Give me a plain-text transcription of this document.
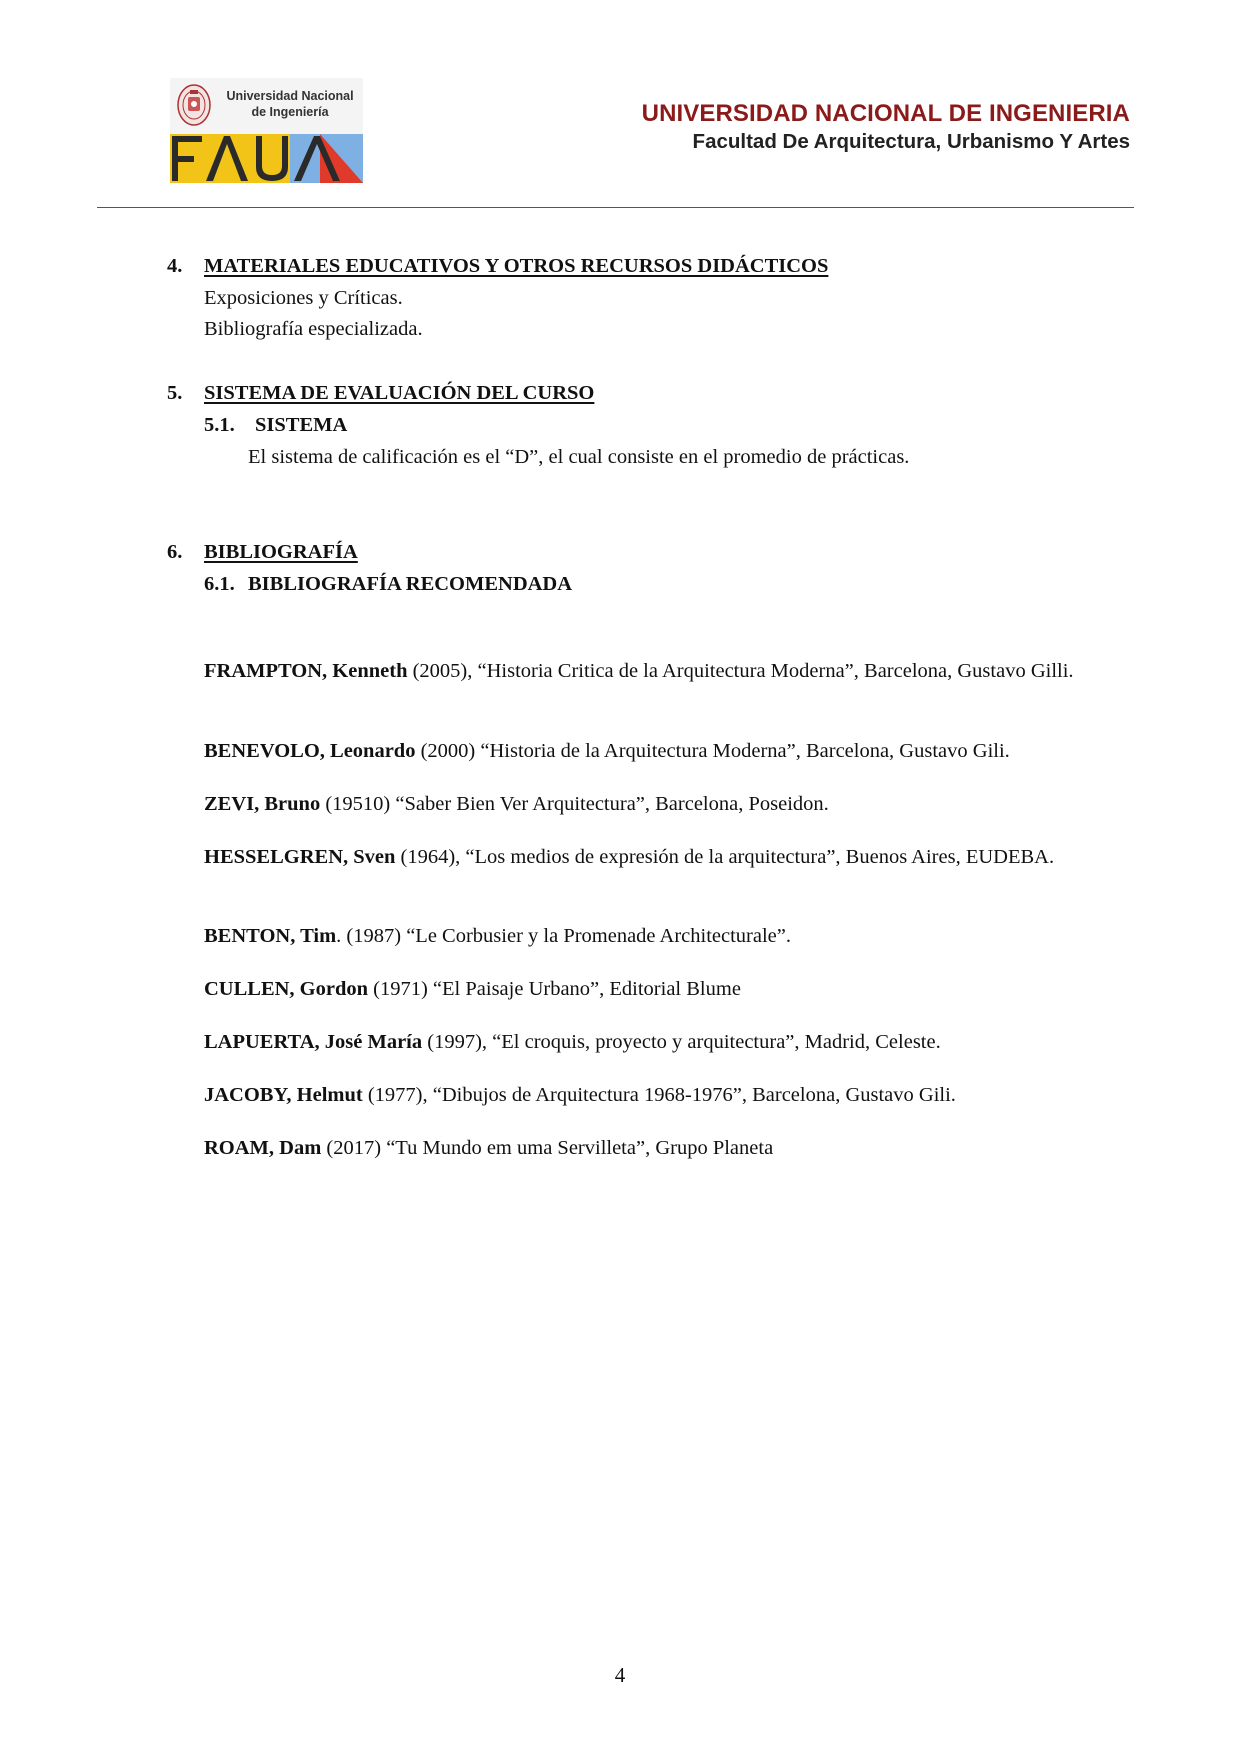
Universidad Nacional de Ingeniería	UNIVERSIDAD NACIONAL DE INGENIERIA
Facultad De Arquitectura, Urbanismo Y Artes
4. MATERIALES EDUCATIVOS Y OTROS RECURSOS DIDÁCTICOS
Exposiciones y Críticas.
Bibliografía especializada.
5. SISTEMA DE EVALUACIÓN DEL CURSO
5.1. SISTEMA
El sistema de calificación es el “D”, el cual consiste en el promedio de prácticas.
6. BIBLIOGRAFÍA
6.1. BIBLIOGRAFÍA RECOMENDADA
FRAMPTON, Kenneth (2005), “Historia Critica de la Arquitectura Moderna”, Barcelona, Gustavo Gilli.
BENEVOLO, Leonardo (2000) “Historia de la Arquitectura Moderna”, Barcelona, Gustavo Gili.
ZEVI, Bruno (19510) “Saber Bien Ver Arquitectura”, Barcelona, Poseidon.
HESSELGREN, Sven (1964), “Los medios de expresión de la arquitectura”, Buenos Aires, EUDEBA.
BENTON, Tim. (1987) “Le Corbusier y la Promenade Architecturale”.
CULLEN, Gordon (1971) “El Paisaje Urbano”, Editorial Blume
LAPUERTA, José María (1997), “El croquis, proyecto y arquitectura”, Madrid, Celeste.
JACOBY, Helmut (1977), “Dibujos de Arquitectura 1968-1976”, Barcelona, Gustavo Gili.
ROAM, Dam (2017) “Tu Mundo em uma Servilleta”, Grupo Planeta
4
